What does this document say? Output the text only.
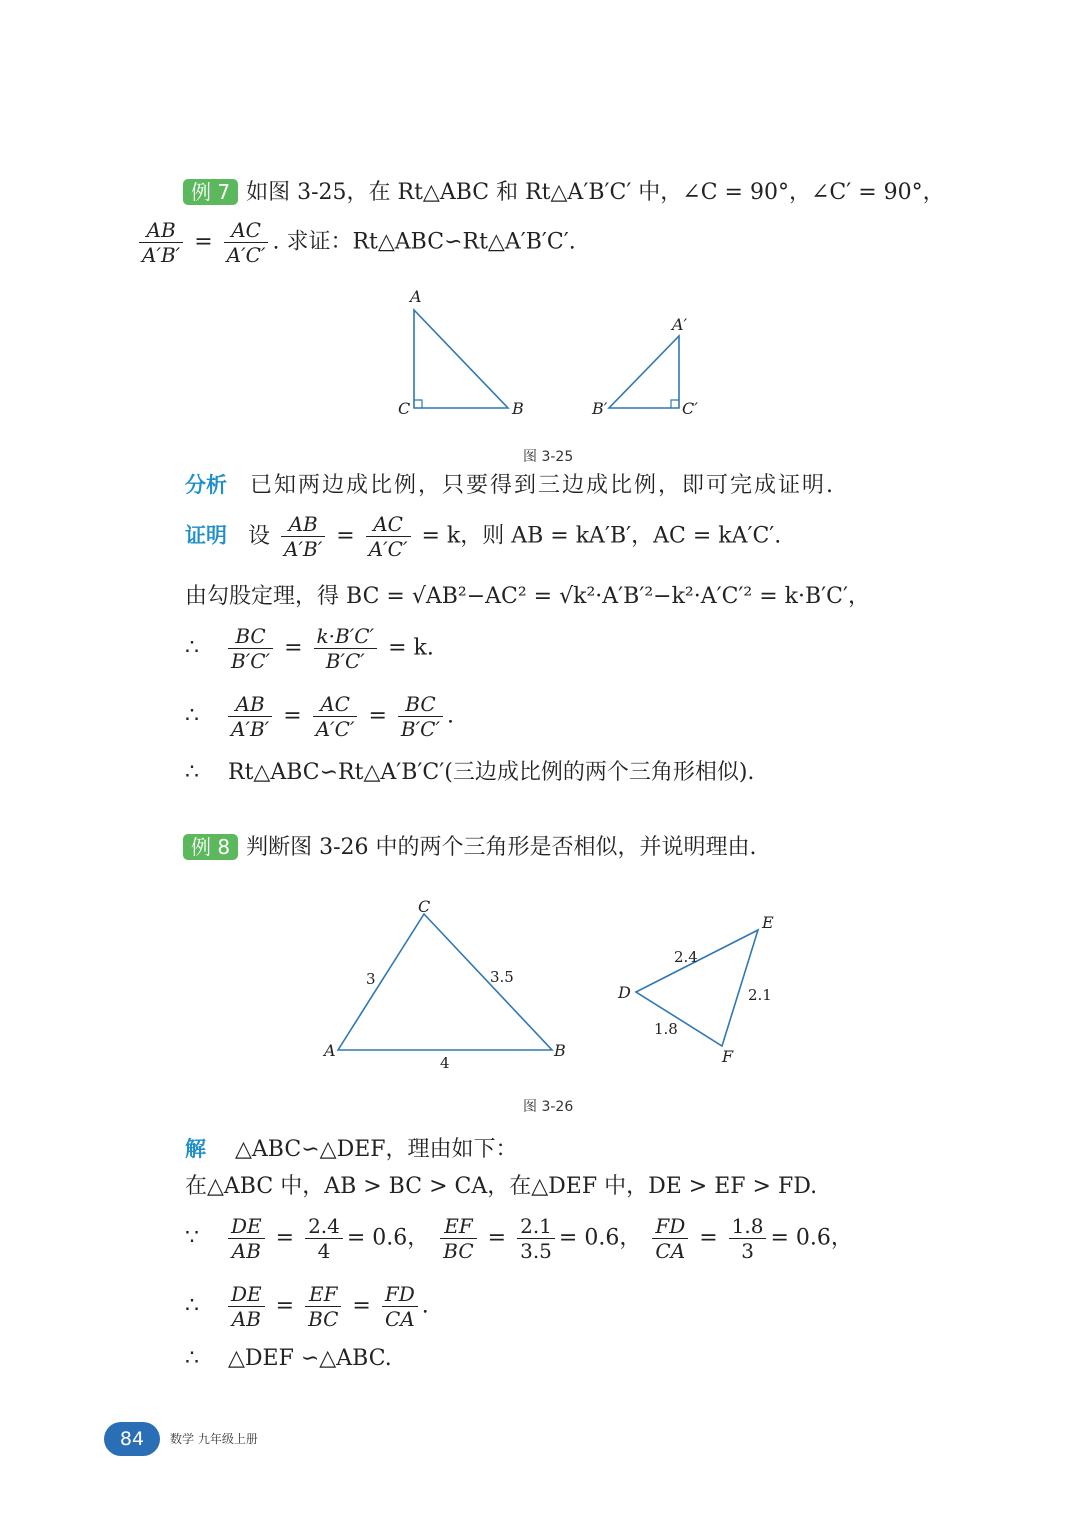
例 7 如图 3-25，在 Rt△ABC 和 Rt△A′B′C′ 中，∠C = 90°，∠C′ = 90°，
$\frac{AB}{A'B'} = \frac{AC}{A'C'}$ . 求证：Rt△ABC∽Rt△A′B′C′.
A
C	B
A′
B′	C′
图 3-25
分析 已知两边成比例，只要得到三边成比例，即可完成证明.
证明 设 $\frac{AB}{A'B'} = \frac{AC}{A'C'} = k$，则 AB = kA′B′，AC = kA′C′.
由勾股定理，得 BC = √AB²−AC² = √k²·A′B′²−k²·A′C′² = k·B′C′，
∴ $\frac{BC}{B'C'} = \frac{k\cdot B'C'}{B'C'} = k$.
∴ $\frac{AB}{A'B'} = \frac{AC}{A'C'} = \frac{BC}{B'C'}$ .
∴ Rt△ABC∽Rt△A′B′C′(三边成比例的两个三角形相似).
例 8 判断图 3-26 中的两个三角形是否相似，并说明理由.
A
C
B
3	3.5
4
D
E
F
2.4
2.1
1.8
图 3-26
解 △ABC∽△DEF，理由如下：
在△ABC 中，AB > BC > CA，在△DEF 中，DE > EF > FD.
∵ $\frac{DE}{AB} = \frac{2.4}{4} = 0.6$， $\frac{EF}{BC} = \frac{2.1}{3.5} = 0.6$， $\frac{FD}{CA} = \frac{1.8}{3} = 0.6$，
∴ $\frac{DE}{AB} = \frac{EF}{BC} = \frac{FD}{CA}$ .
∴ △DEF ∽△ABC.
84	数学 九年级上册
